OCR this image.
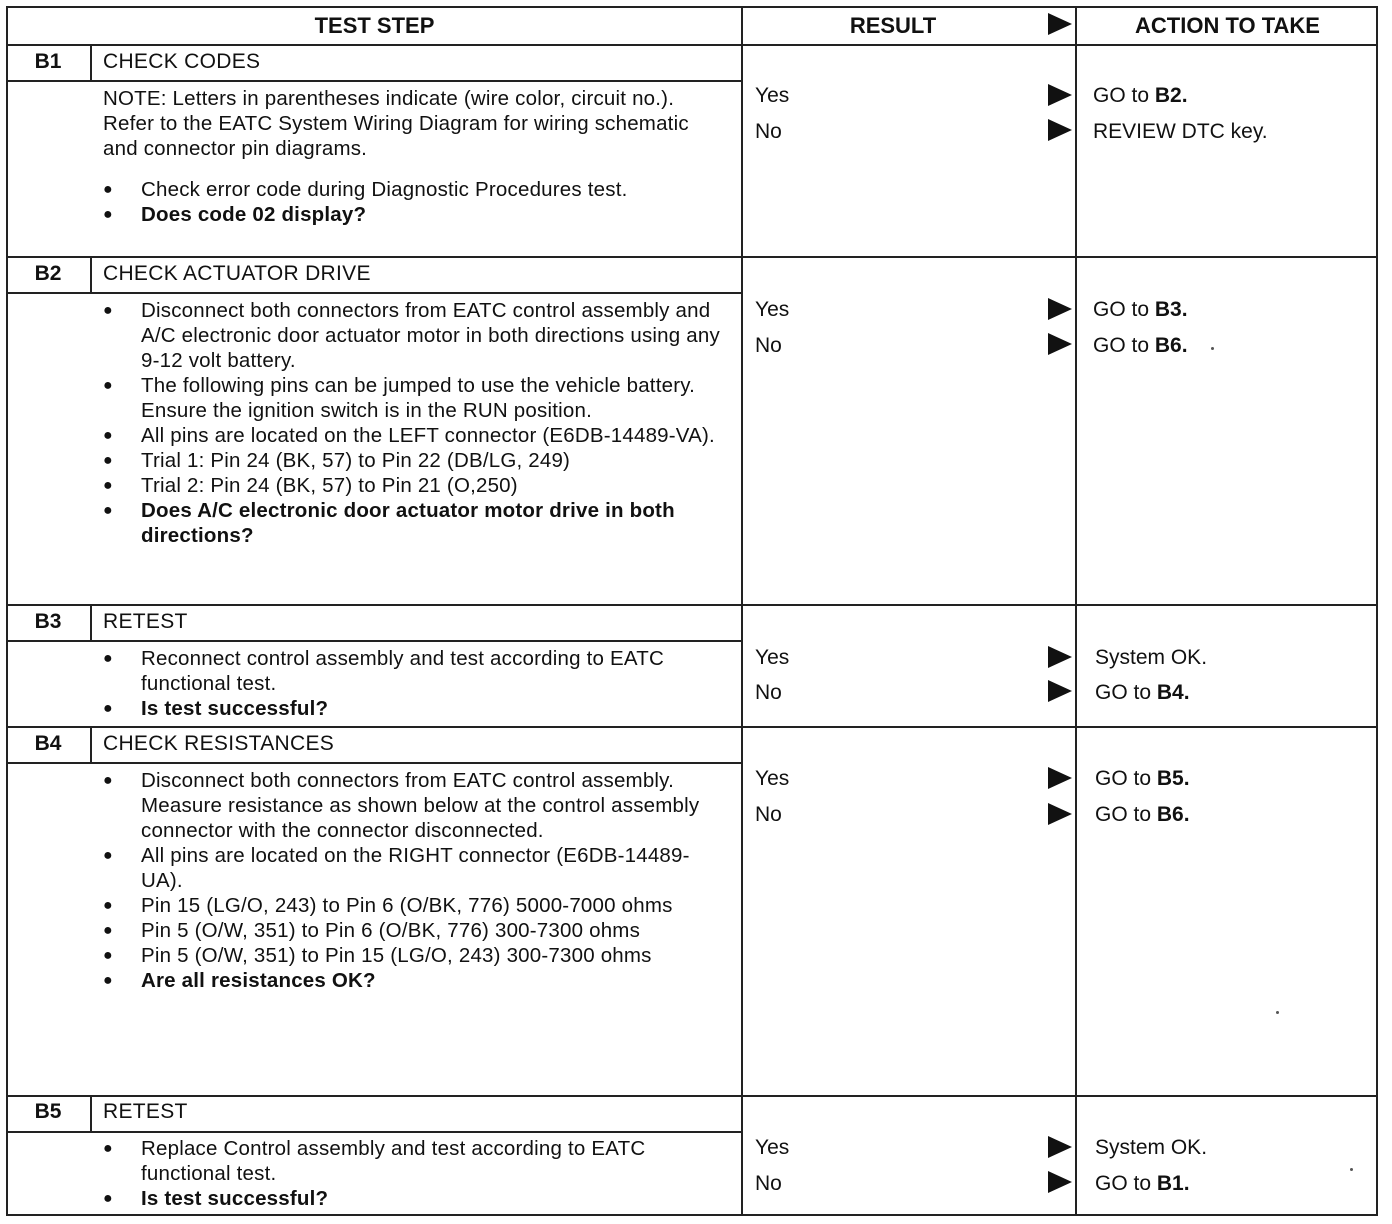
TEST STEP	RESULT	ACTION TO TAKE
B1	CHECK CODES

NOTE: Letters in parentheses indicate (wire color, circuit no.). Refer to the EATC System Wiring Diagram for wiring schematic and connector pin diagrams.

● Check error code during Diagnostic Procedures test.
● Does code 02 display?
Yes	GO to B2.
No	REVIEW DTC key.
B2	CHECK ACTUATOR DRIVE
● Disconnect both connectors from EATC control assembly and A/C electronic door actuator motor in both directions using any 9-12 volt battery.
● The following pins can be jumped to use the vehicle battery. Ensure the ignition switch is in the RUN position.
● All pins are located on the LEFT connector (E6DB-14489-VA).
● Trial 1: Pin 24 (BK, 57) to Pin 22 (DB/LG, 249)
● Trial 2: Pin 24 (BK, 57) to Pin 21 (O,250)
● Does A/C electronic door actuator motor drive in both directions?
Yes	GO to B3.
No	GO to B6.
B3	RETEST
● Reconnect control assembly and test according to EATC functional test.
● Is test successful?
Yes	System OK.
No	GO to B4.
B4	CHECK RESISTANCES
● Disconnect both connectors from EATC control assembly. Measure resistance as shown below at the control assembly connector with the connector disconnected.
● All pins are located on the RIGHT connector (E6DB-14489-UA).
● Pin 15 (LG/O, 243) to Pin 6 (O/BK, 776) 5000-7000 ohms
● Pin 5 (O/W, 351) to Pin 6 (O/BK, 776) 300-7300 ohms
● Pin 5 (O/W, 351) to Pin 15 (LG/O, 243) 300-7300 ohms
● Are all resistances OK?
Yes	GO to B5.
No	GO to B6.
B5	RETEST
● Replace Control assembly and test according to EATC functional test.
● Is test successful?
Yes	System OK.
No	GO to B1.
